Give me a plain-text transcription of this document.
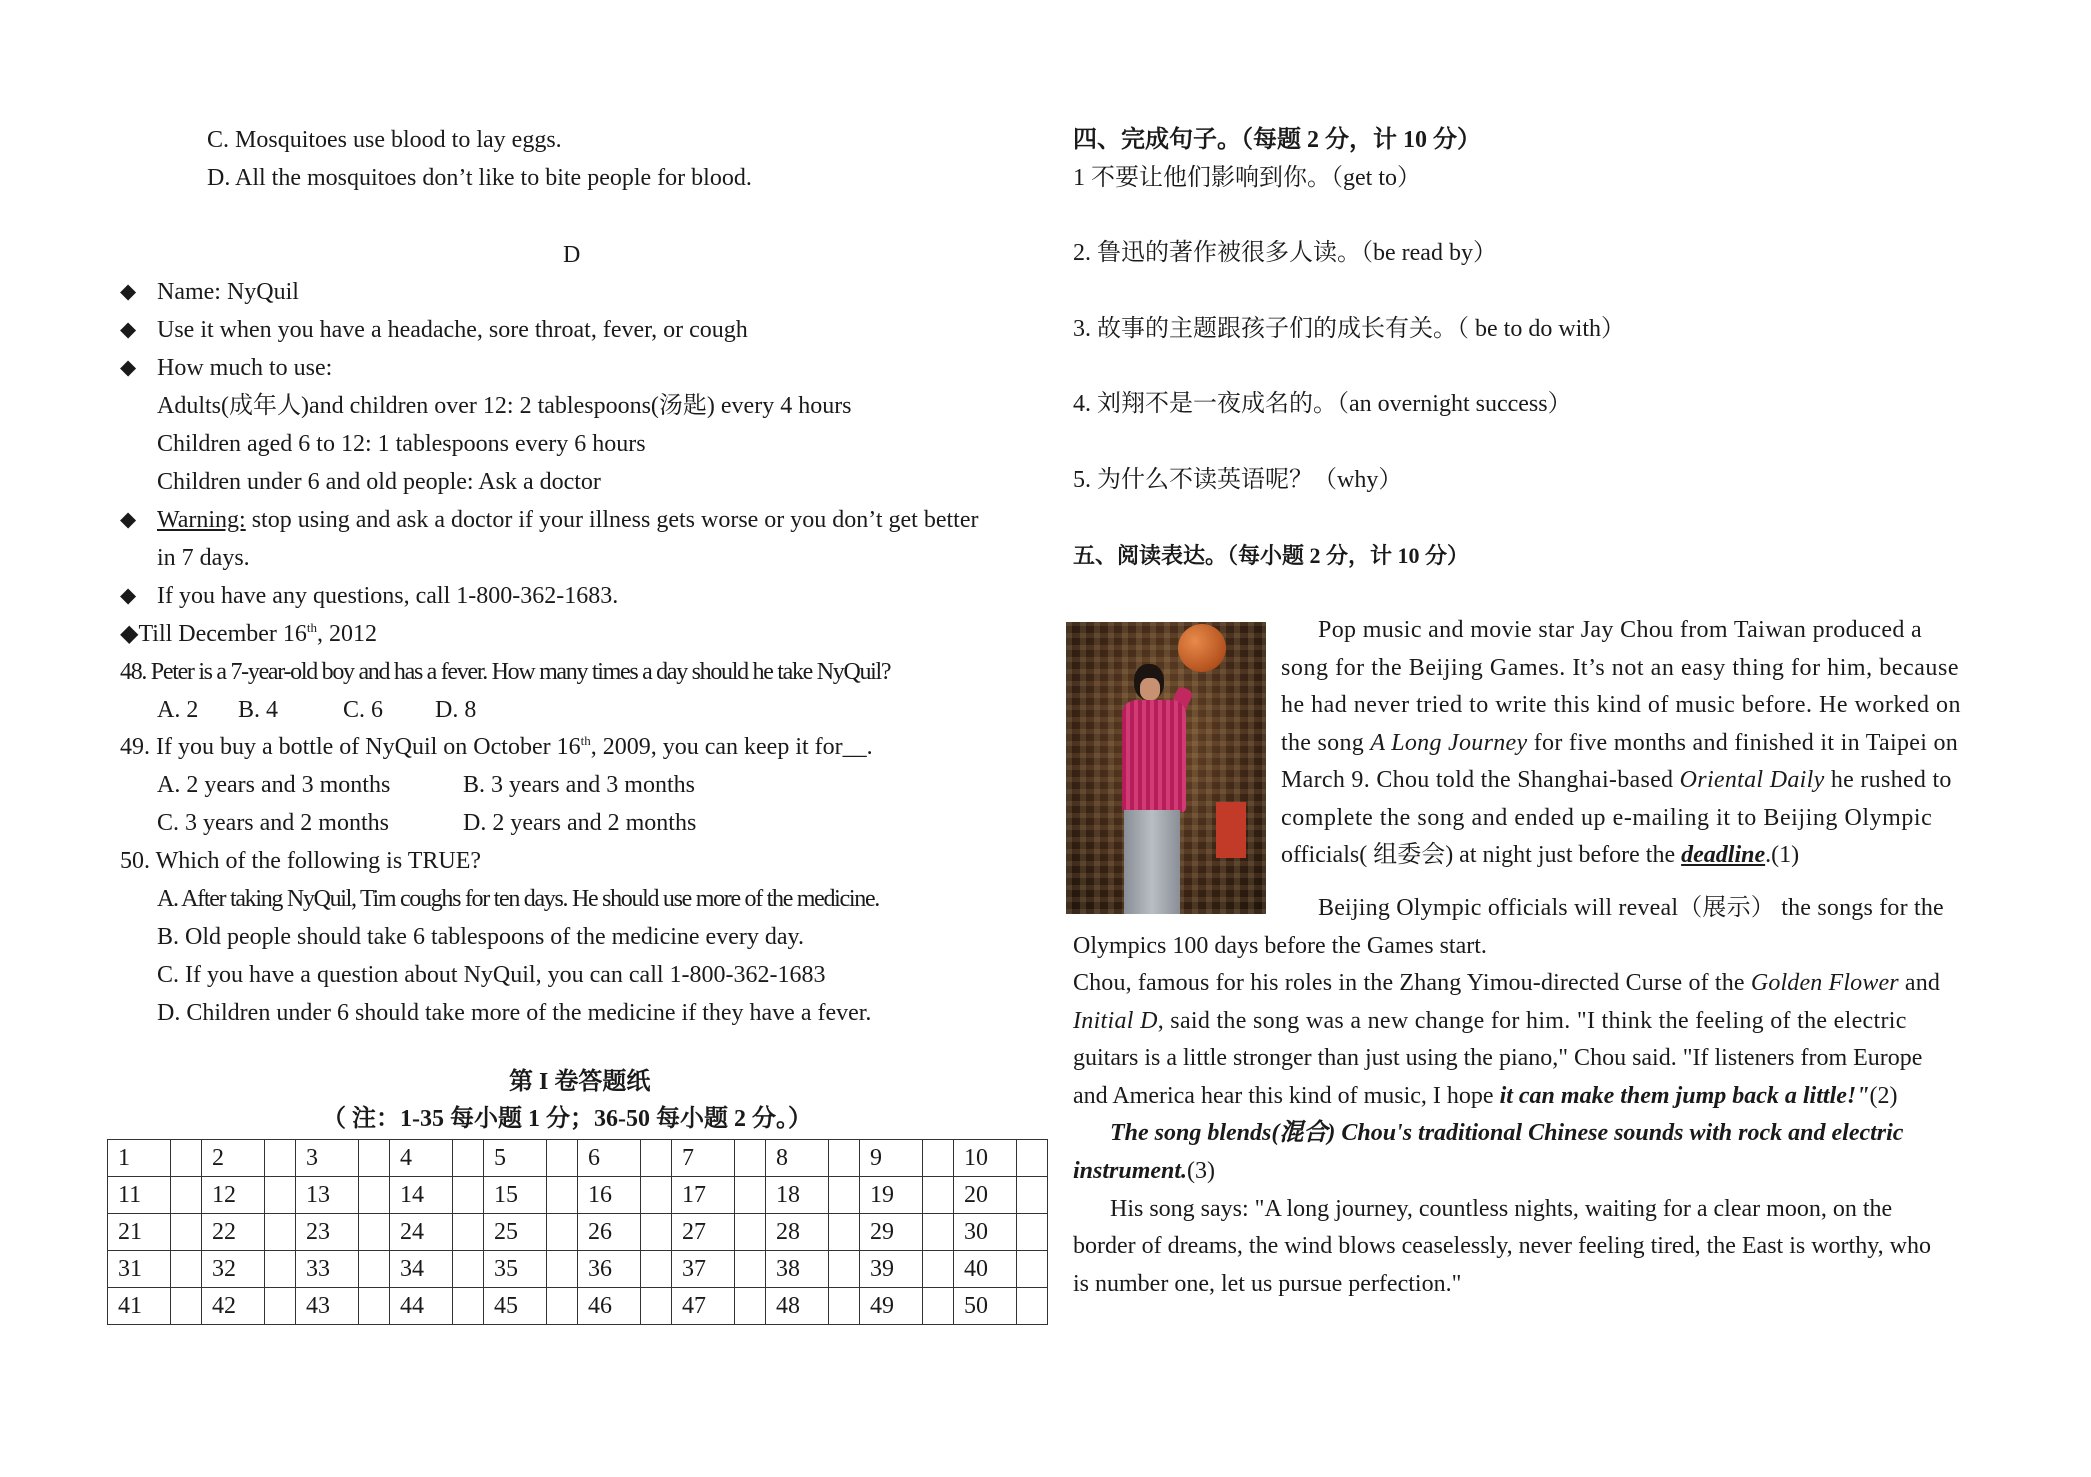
C. Mosquitoes use blood to lay eggs.
D. All the mosquitoes don’t like to bite people for blood.
D
◆ Name: NyQuil
◆ Use it when you have a headache, sore throat, fever, or cough
◆ How much to use:
Adults(成年人)and children over 12: 2 tablespoons(汤匙) every 4 hours
Children aged 6 to 12: 1 tablespoons every 6 hours
Children under 6 and old people: Ask a doctor
◆ Warning: stop using and ask a doctor if your illness gets worse or you don’t get better
in 7 days.
◆ If you have any questions, call 1-800-362-1683.
◆Till December 16th, 2012
48. Peter is a 7-year-old boy and has a fever. How many times a day should he take NyQuil?
A. 2 B. 4	C. 6 D. 8
49. If you buy a bottle of NyQuil on October 16th, 2009, you can keep it for__.
A. 2 years and 3 months	B. 3 years and 3 months
C. 3 years and 2 months	D. 2 years and 2 months
50. Which of the following is TRUE?
A. After taking NyQuil, Tim coughs for ten days. He should use more of the medicine.
B. Old people should take 6 tablespoons of the medicine every day.
C. If you have a question about NyQuil, you can call 1-800-362-1683
D. Children under 6 should take more of the medicine if they have a fever.
第 I 卷答题纸
（ 注：1-35 每小题 1 分；36-50 每小题 2 分。）
1		2		3		4		5		6		7		8		9		10	
11		12		13		14		15		16		17		18		19		20	
21		22		23		24		25		26		27		28		29		30	
31		32		33		34		35		36		37		38		39		40	
41		42		43		44		45		46		47		48		49		50	
四、完成句子。（每题 2 分，计 10 分）
1 不要让他们影响到你。（get to）
2. 鲁迅的著作被很多人读。（be read by）
3. 故事的主题跟孩子们的成长有关。（ be to do with）
4. 刘翔不是一夜成名的。（an overnight success）
5. 为什么不读英语呢？（why）
五、阅读表达。（每小题 2 分，计 10 分）
Pop music and movie star Jay Chou from Taiwan produced a
song for the Beijing Games. It’s not an easy thing for him, because
he had never tried to write this kind of music before. He worked on
the song A Long Journey for five months and finished it in Taipei on
March 9. Chou told the Shanghai-based Oriental Daily he rushed to
complete the song and ended up e-mailing it to Beijing Olympic
officials( 组委会) at night just before the deadline.(1)
Beijing Olympic officials will reveal（展示） the songs for the
Olympics 100 days before the Games start.
Chou, famous for his roles in the Zhang Yimou-directed Curse of the Golden Flower and
Initial D, said the song was a new change for him. "I think the feeling of the electric
guitars is a little stronger than just using the piano," Chou said. "If listeners from Europe
and America hear this kind of music, I hope it can make them jump back a little!"(2)
The song blends(混合) Chou's traditional Chinese sounds with rock and electric
instrument.(3)
His song says: "A long journey, countless nights, waiting for a clear moon, on the
border of dreams, the wind blows ceaselessly, never feeling tired, the East is worthy, who
is number one, let us pursue perfection."
